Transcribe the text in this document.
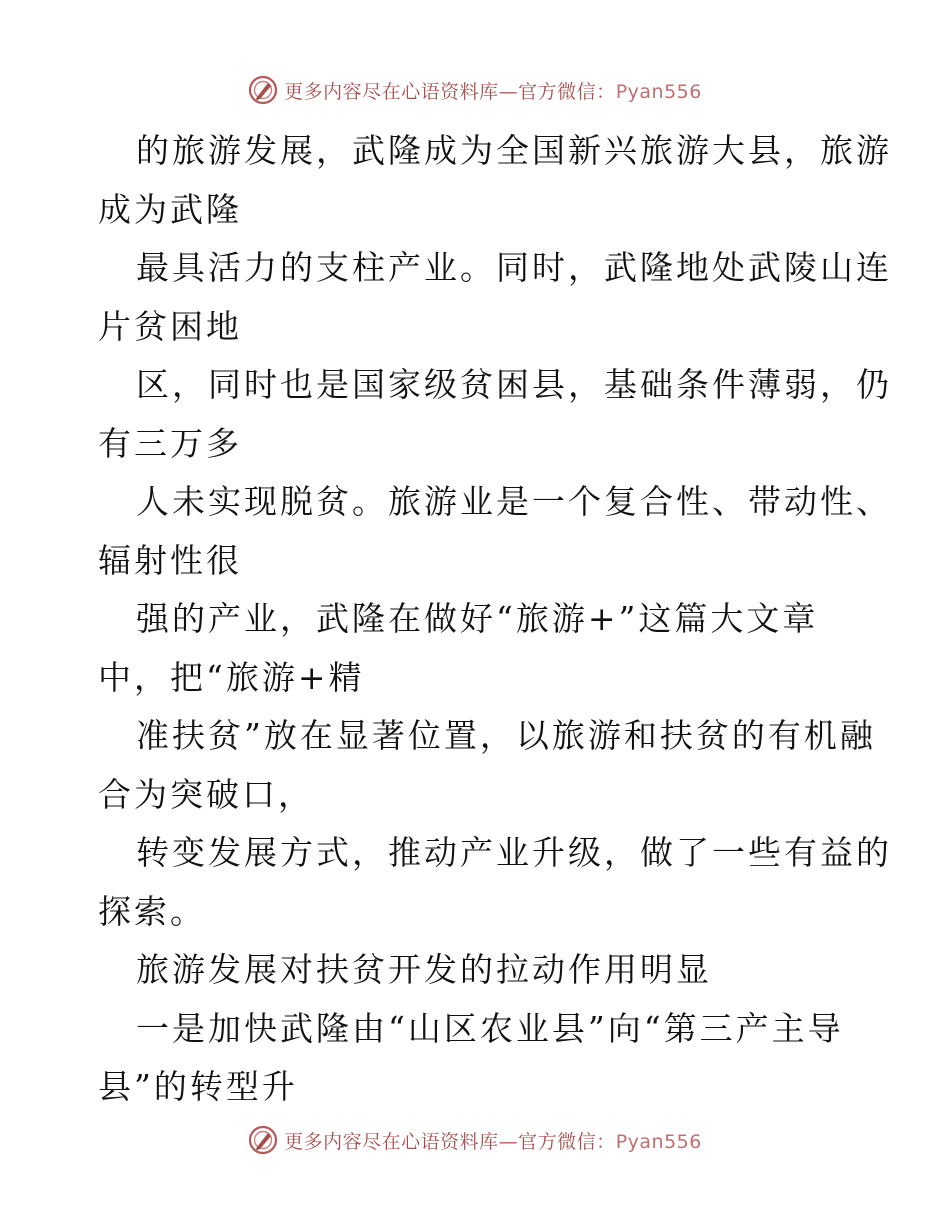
更多内容尽在心语资料库—官方微信：Pyan556
的旅游发展，武隆成为全国新兴旅游大县，旅游
成为武隆
最具活力的支柱产业。同时，武隆地处武陵山连
片贫困地
区，同时也是国家级贫困县，基础条件薄弱，仍
有三万多
人未实现脱贫。旅游业是一个复合性、带动性、
辐射性很
强的产业，武隆在做好“旅游+”这篇大文章
中，把“旅游+精
准扶贫”放在显著位置，以旅游和扶贫的有机融
合为突破口，
转变发展方式，推动产业升级，做了一些有益的
探索。
旅游发展对扶贫开发的拉动作用明显
一是加快武隆由“山区农业县”向“第三产主导
县”的转型升
更多内容尽在心语资料库—官方微信：Pyan556
